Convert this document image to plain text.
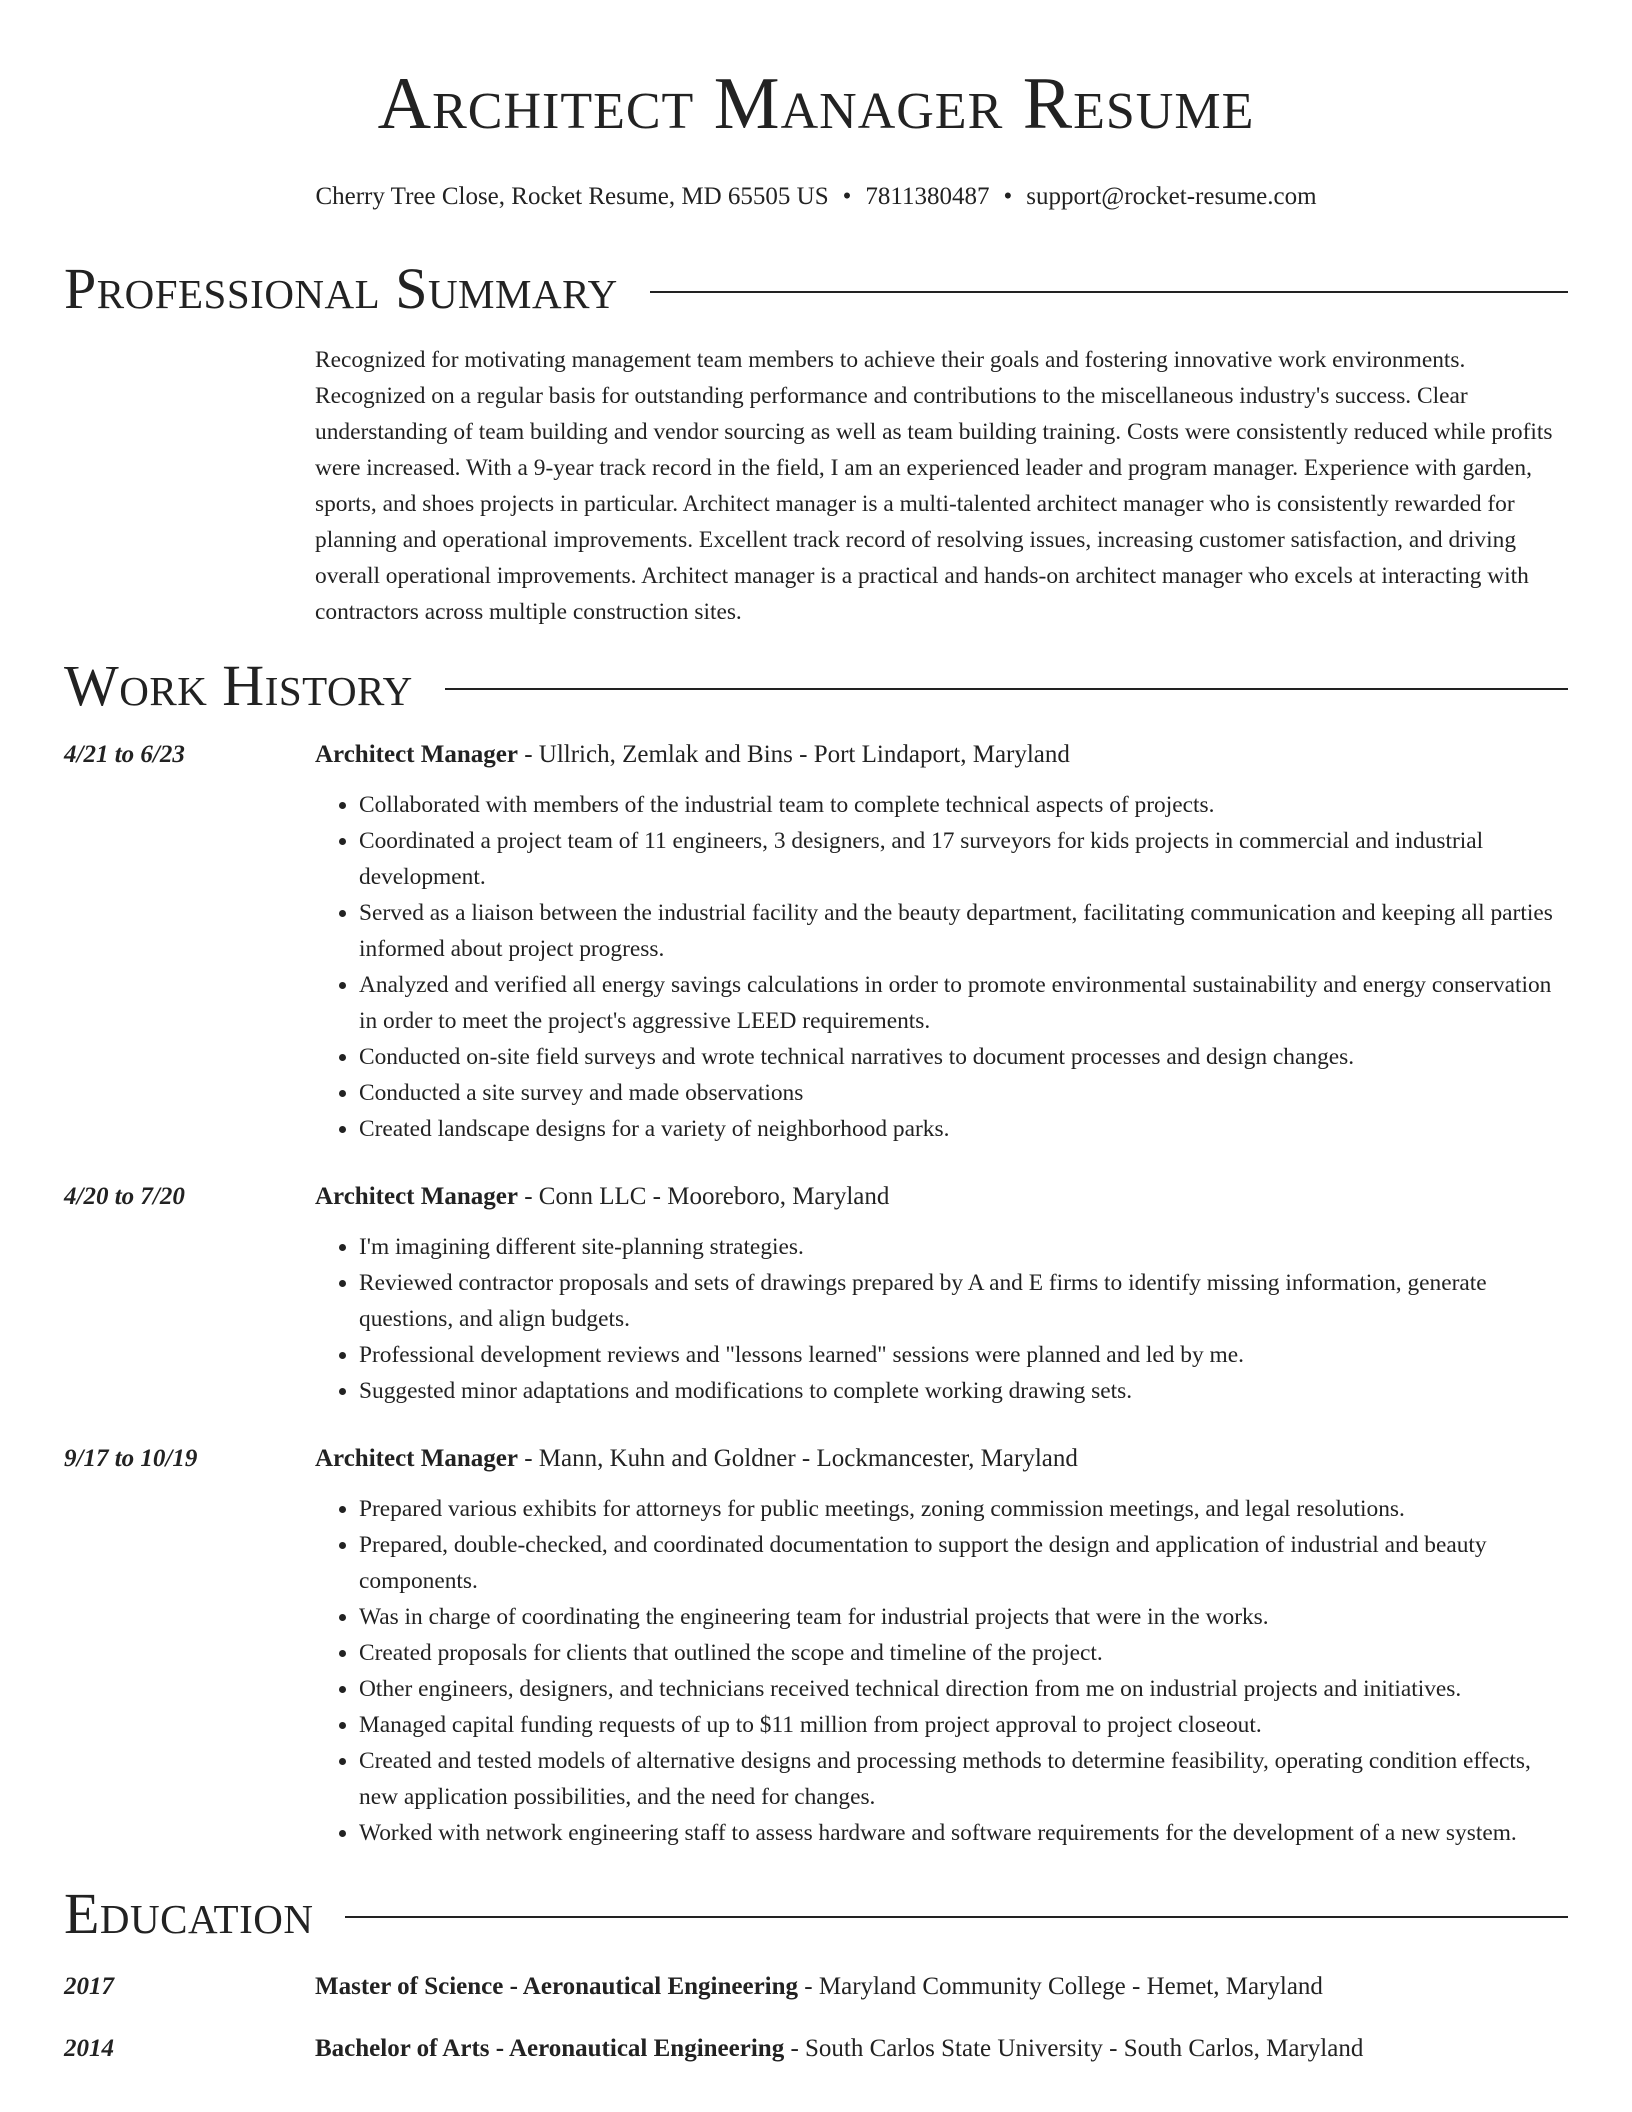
Architect Manager Resume
Cherry Tree Close, Rocket Resume, MD 65505 US • 7811380487 • support@rocket-resume.com
Professional Summary

Recognized for motivating management team members to achieve their goals and fostering innovative work environments. Recognized on a regular basis for outstanding performance and contributions to the miscellaneous industry's success. Clear understanding of team building and vendor sourcing as well as team building training. Costs were consistently reduced while profits were increased. With a 9-year track record in the field, I am an experienced leader and program manager. Experience with garden, sports, and shoes projects in particular. Architect manager is a multi-talented architect manager who is consistently rewarded for planning and operational improvements. Excellent track record of resolving issues, increasing customer satisfaction, and driving overall operational improvements. Architect manager is a practical and hands-on architect manager who excels at interacting with contractors across multiple construction sites.

Work History
4/21 to 6/23	Architect Manager - Ullrich, Zemlak and Bins - Port Lindaport, Maryland
• Collaborated with members of the industrial team to complete technical aspects of projects.
• Coordinated a project team of 11 engineers, 3 designers, and 17 surveyors for kids projects in commercial and industrial development.
• Served as a liaison between the industrial facility and the beauty department, facilitating communication and keeping all parties informed about project progress.
• Analyzed and verified all energy savings calculations in order to promote environmental sustainability and energy conservation in order to meet the project's aggressive LEED requirements.
• Conducted on-site field surveys and wrote technical narratives to document processes and design changes.
• Conducted a site survey and made observations
• Created landscape designs for a variety of neighborhood parks.
4/20 to 7/20	Architect Manager - Conn LLC - Mooreboro, Maryland
• I'm imagining different site-planning strategies.
• Reviewed contractor proposals and sets of drawings prepared by A and E firms to identify missing information, generate questions, and align budgets.
• Professional development reviews and "lessons learned" sessions were planned and led by me.
• Suggested minor adaptations and modifications to complete working drawing sets.
9/17 to 10/19	Architect Manager - Mann, Kuhn and Goldner - Lockmancester, Maryland
• Prepared various exhibits for attorneys for public meetings, zoning commission meetings, and legal resolutions.
• Prepared, double-checked, and coordinated documentation to support the design and application of industrial and beauty components.
• Was in charge of coordinating the engineering team for industrial projects that were in the works.
• Created proposals for clients that outlined the scope and timeline of the project.
• Other engineers, designers, and technicians received technical direction from me on industrial projects and initiatives.
• Managed capital funding requests of up to $11 million from project approval to project closeout.
• Created and tested models of alternative designs and processing methods to determine feasibility, operating condition effects, new application possibilities, and the need for changes.
• Worked with network engineering staff to assess hardware and software requirements for the development of a new system.
Education
2017	Master of Science - Aeronautical Engineering - Maryland Community College - Hemet, Maryland
2014	Bachelor of Arts - Aeronautical Engineering - South Carlos State University - South Carlos, Maryland
